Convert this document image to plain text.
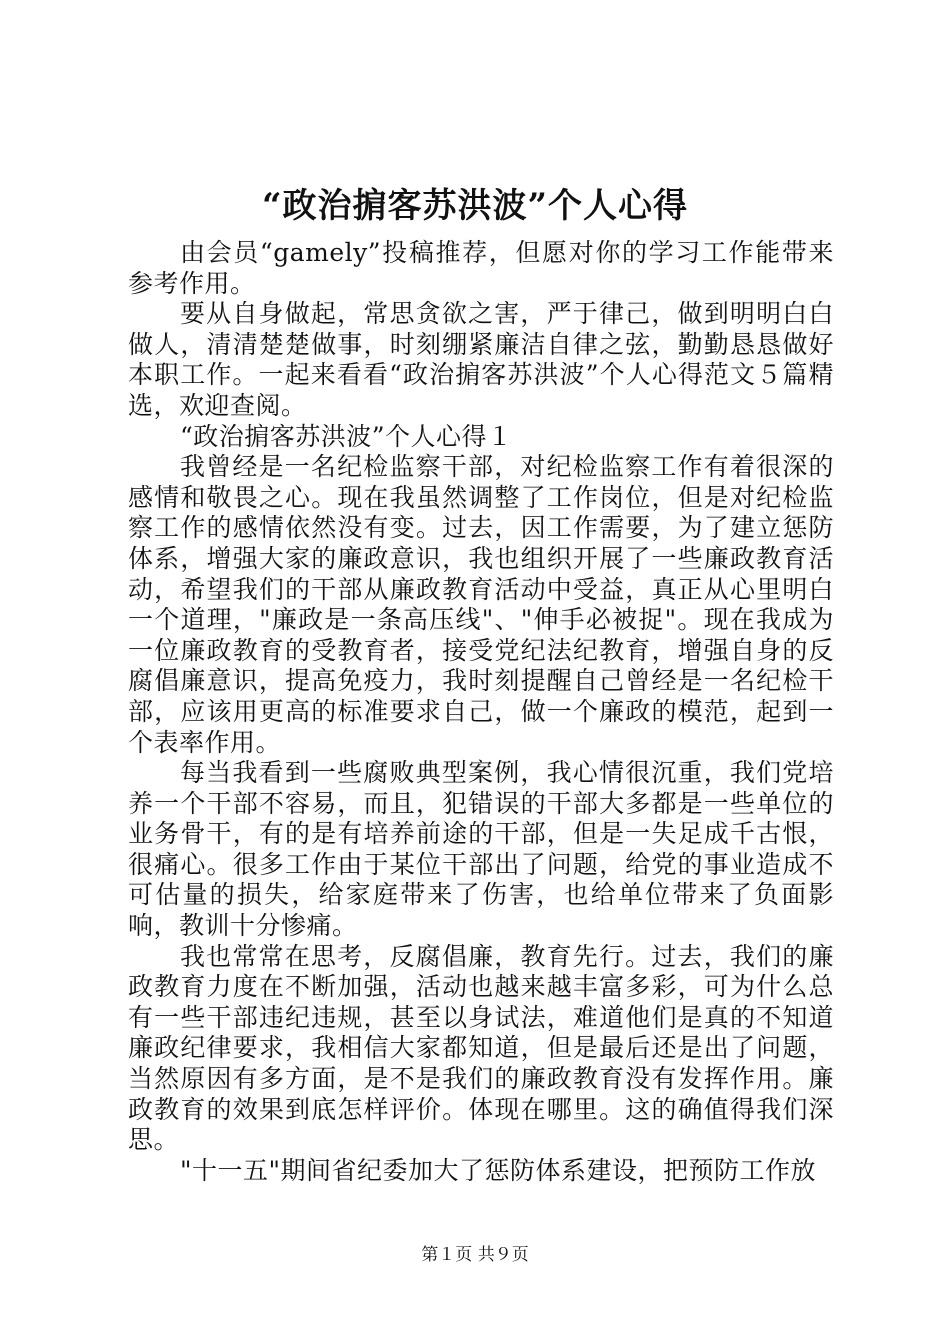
“政治掮客苏洪波”个人心得

由会员“gamely”投稿推荐，但愿对你的学习工作能带来参考作用。

要从自身做起，常思贪欲之害，严于律己，做到明明白白做人，清清楚楚做事，时刻绷紧廉洁自律之弦，勤勤恳恳做好本职工作。一起来看看“政治掮客苏洪波”个人心得范文５篇精选，欢迎查阅。

“政治掮客苏洪波”个人心得１

我曾经是一名纪检监察干部，对纪检监察工作有着很深的感情和敬畏之心。现在我虽然调整了工作岗位，但是对纪检监察工作的感情依然没有变。过去，因工作需要，为了建立惩防体系，增强大家的廉政意识，我也组织开展了一些廉政教育活动，希望我们的干部从廉政教育活动中受益，真正从心里明白一个道理，"廉政是一条高压线"、"伸手必被捉"。现在我成为一位廉政教育的受教育者，接受党纪法纪教育，增强自身的反腐倡廉意识，提高免疫力，我时刻提醒自己曾经是一名纪检干部，应该用更高的标准要求自己，做一个廉政的模范，起到一个表率作用。

每当我看到一些腐败典型案例，我心情很沉重，我们党培养一个干部不容易，而且，犯错误的干部大多都是一些单位的业务骨干，有的是有培养前途的干部，但是一失足成千古恨，很痛心。很多工作由于某位干部出了问题，给党的事业造成不可估量的损失，给家庭带来了伤害，也给单位带来了负面影响，教训十分惨痛。

我也常常在思考，反腐倡廉，教育先行。过去，我们的廉政教育力度在不断加强，活动也越来越丰富多彩，可为什么总有一些干部违纪违规，甚至以身试法，难道他们是真的不知道廉政纪律要求，我相信大家都知道，但是最后还是出了问题，当然原因有多方面，是不是我们的廉政教育没有发挥作用。廉政教育的效果到底怎样评价。体现在哪里。这的确值得我们深思。

"十一五"期间省纪委加大了惩防体系建设，把预防工作放

第１页 共９页
